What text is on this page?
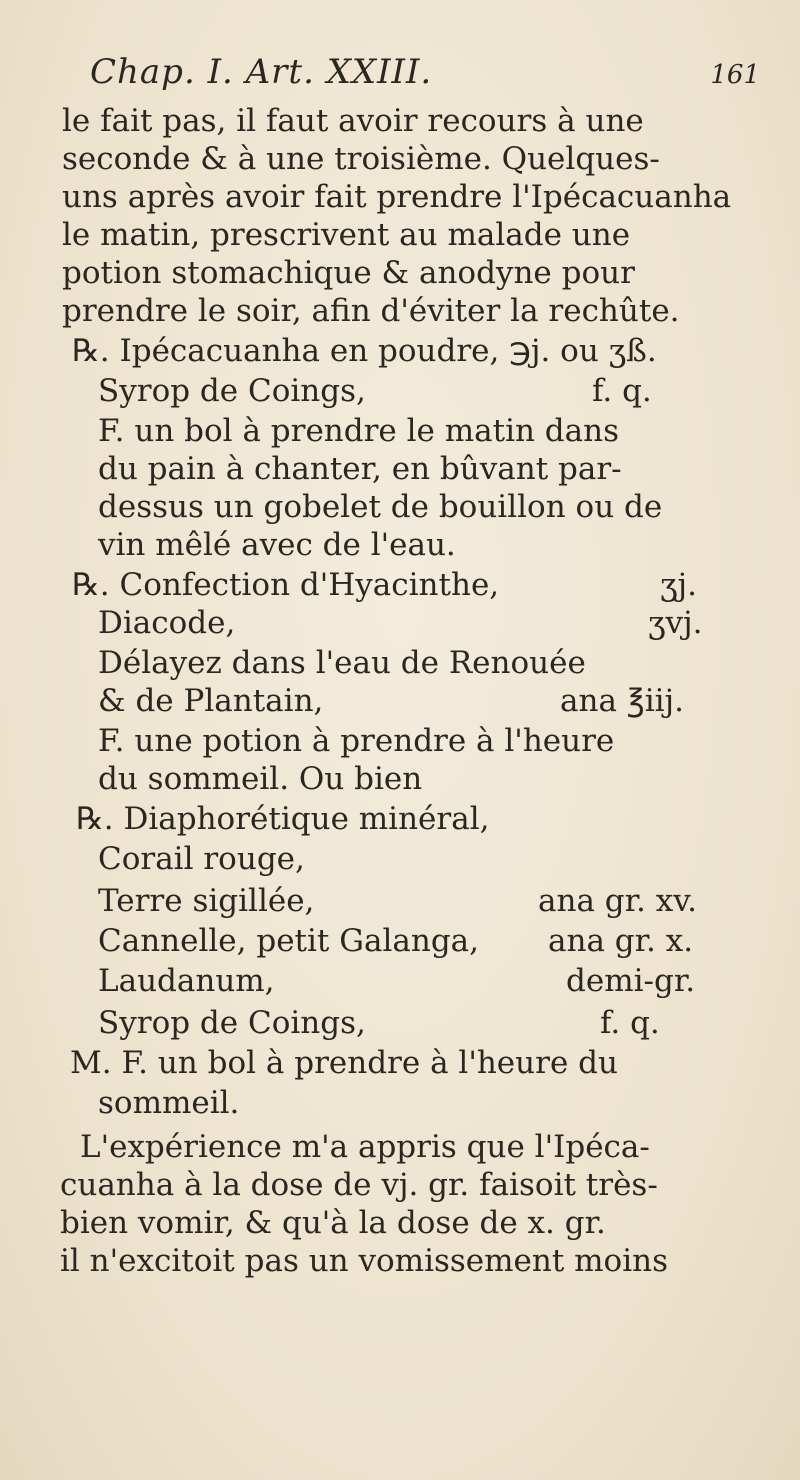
Chap. I. Art. XXIII.	161
le fait pas, il faut avoir recours à une
seconde & à une troisième. Quelques-
uns après avoir fait prendre l'Ipécacuanha
le matin, prescrivent au malade une
potion stomachique & anodyne pour
prendre le soir, afin d'éviter la rechûte.
℞. Ipécacuanha en poudre, ℈j. ou ʒß.
Syrop de Coings,	f. q.
F. un bol à prendre le matin dans
du pain à chanter, en bûvant par-
dessus un gobelet de bouillon ou de
vin mêlé avec de l'eau.
℞. Confection d'Hyacinthe,	ʒj.
Diacode,	ʒvj.
Délayez dans l'eau de Renouée
& de Plantain,	ana ℥iij.
F. une potion à prendre à l'heure
du sommeil. Ou bien
℞. Diaphorétique minéral,
Corail rouge,
Terre sigillée,	ana gr. xv.
Cannelle, petit Galanga, ana gr. x.
Laudanum,	demi-gr.
Syrop de Coings,	f. q.
M. F. un bol à prendre à l'heure du
sommeil.
L'expérience m'a appris que l'Ipéca-
cuanha à la dose de vj. gr. faisoit très-
bien vomir, & qu'à la dose de x. gr.
il n'excitoit pas un vomissement moins
